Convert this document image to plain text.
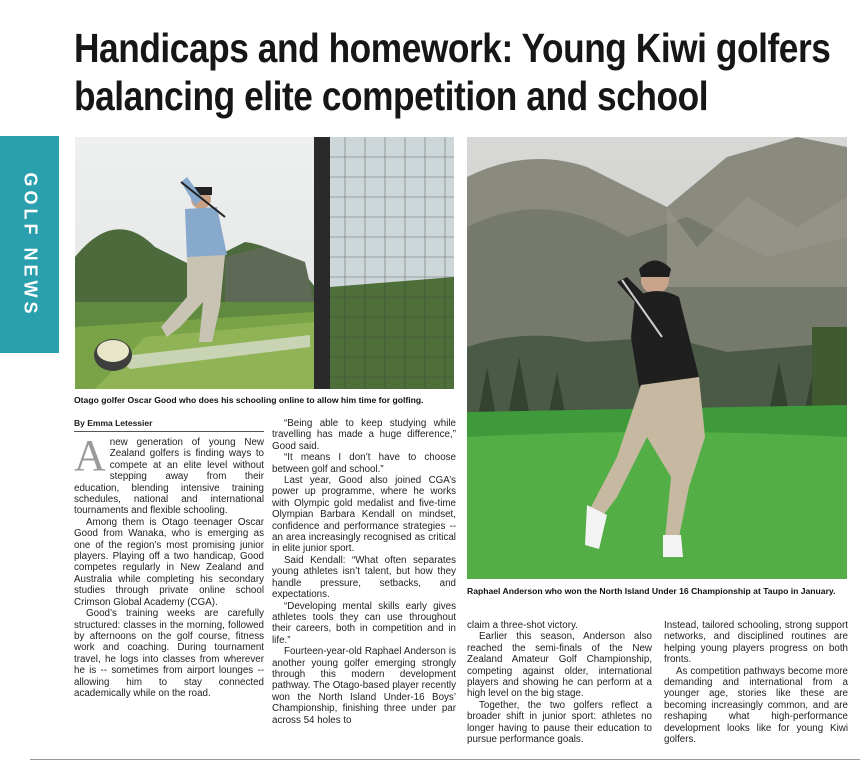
Handicaps and homework: Young Kiwi golfers balancing elite competition and school
GOLF NEWS
Otago golfer Oscar Good who does his schooling online to allow him time for golfing.
Raphael Anderson who won the North Island Under 16 Championship at Taupo in January.
By Emma Letessier

Anew generation of young New Zealand golfers is finding ways to compete at an elite level without stepping away from their education, blending intensive training schedules, national and international tournaments and flexible schooling.

Among them is Otago teenager Oscar Good from Wanaka, who is emerging as one of the region’s most promising junior players. Playing off a two handicap, Good competes regularly in New Zealand and Australia while completing his secondary studies through private online school Crimson Global Academy (CGA).

Good’s training weeks are carefully structured: classes in the morning, followed by afternoons on the golf course, fitness work and coaching. During tournament travel, he logs into classes from wherever he is -- sometimes from airport lounges -- allowing him to stay connected academically while on the road.

“Being able to keep studying while travelling has made a huge difference,” Good said.

“It means I don’t have to choose between golf and school.”

Last year, Good also joined CGA’s power up programme, where he works with Olympic gold medalist and five-time Olympian Barbara Kendall on mindset, confidence and performance strategies -- an area increasingly recognised as critical in elite junior sport.

Said Kendall: “What often separates young athletes isn’t talent, but how they handle pressure, setbacks, and expectations.

“Developing mental skills early gives athletes tools they can use throughout their careers, both in competition and in life.”

Fourteen-year-old Raphael Anderson is another young golfer emerging strongly through this modern development pathway. The Otago-based player recently won the North Island Under-16 Boys’ Championship, finishing three under par across 54 holes to

claim a three-shot victory.

Earlier this season, Anderson also reached the semi-finals of the New Zealand Amateur Golf Championship, competing against older, international players and showing he can perform at a high level on the big stage.

Together, the two golfers reflect a broader shift in junior sport: athletes no longer having to pause their education to pursue performance goals.

Instead, tailored schooling, strong support networks, and disciplined routines are helping young players progress on both fronts.

As competition pathways become more demanding and international from a younger age, stories like these are becoming increasingly common, and are reshaping what high-performance development looks like for young Kiwi golfers.
